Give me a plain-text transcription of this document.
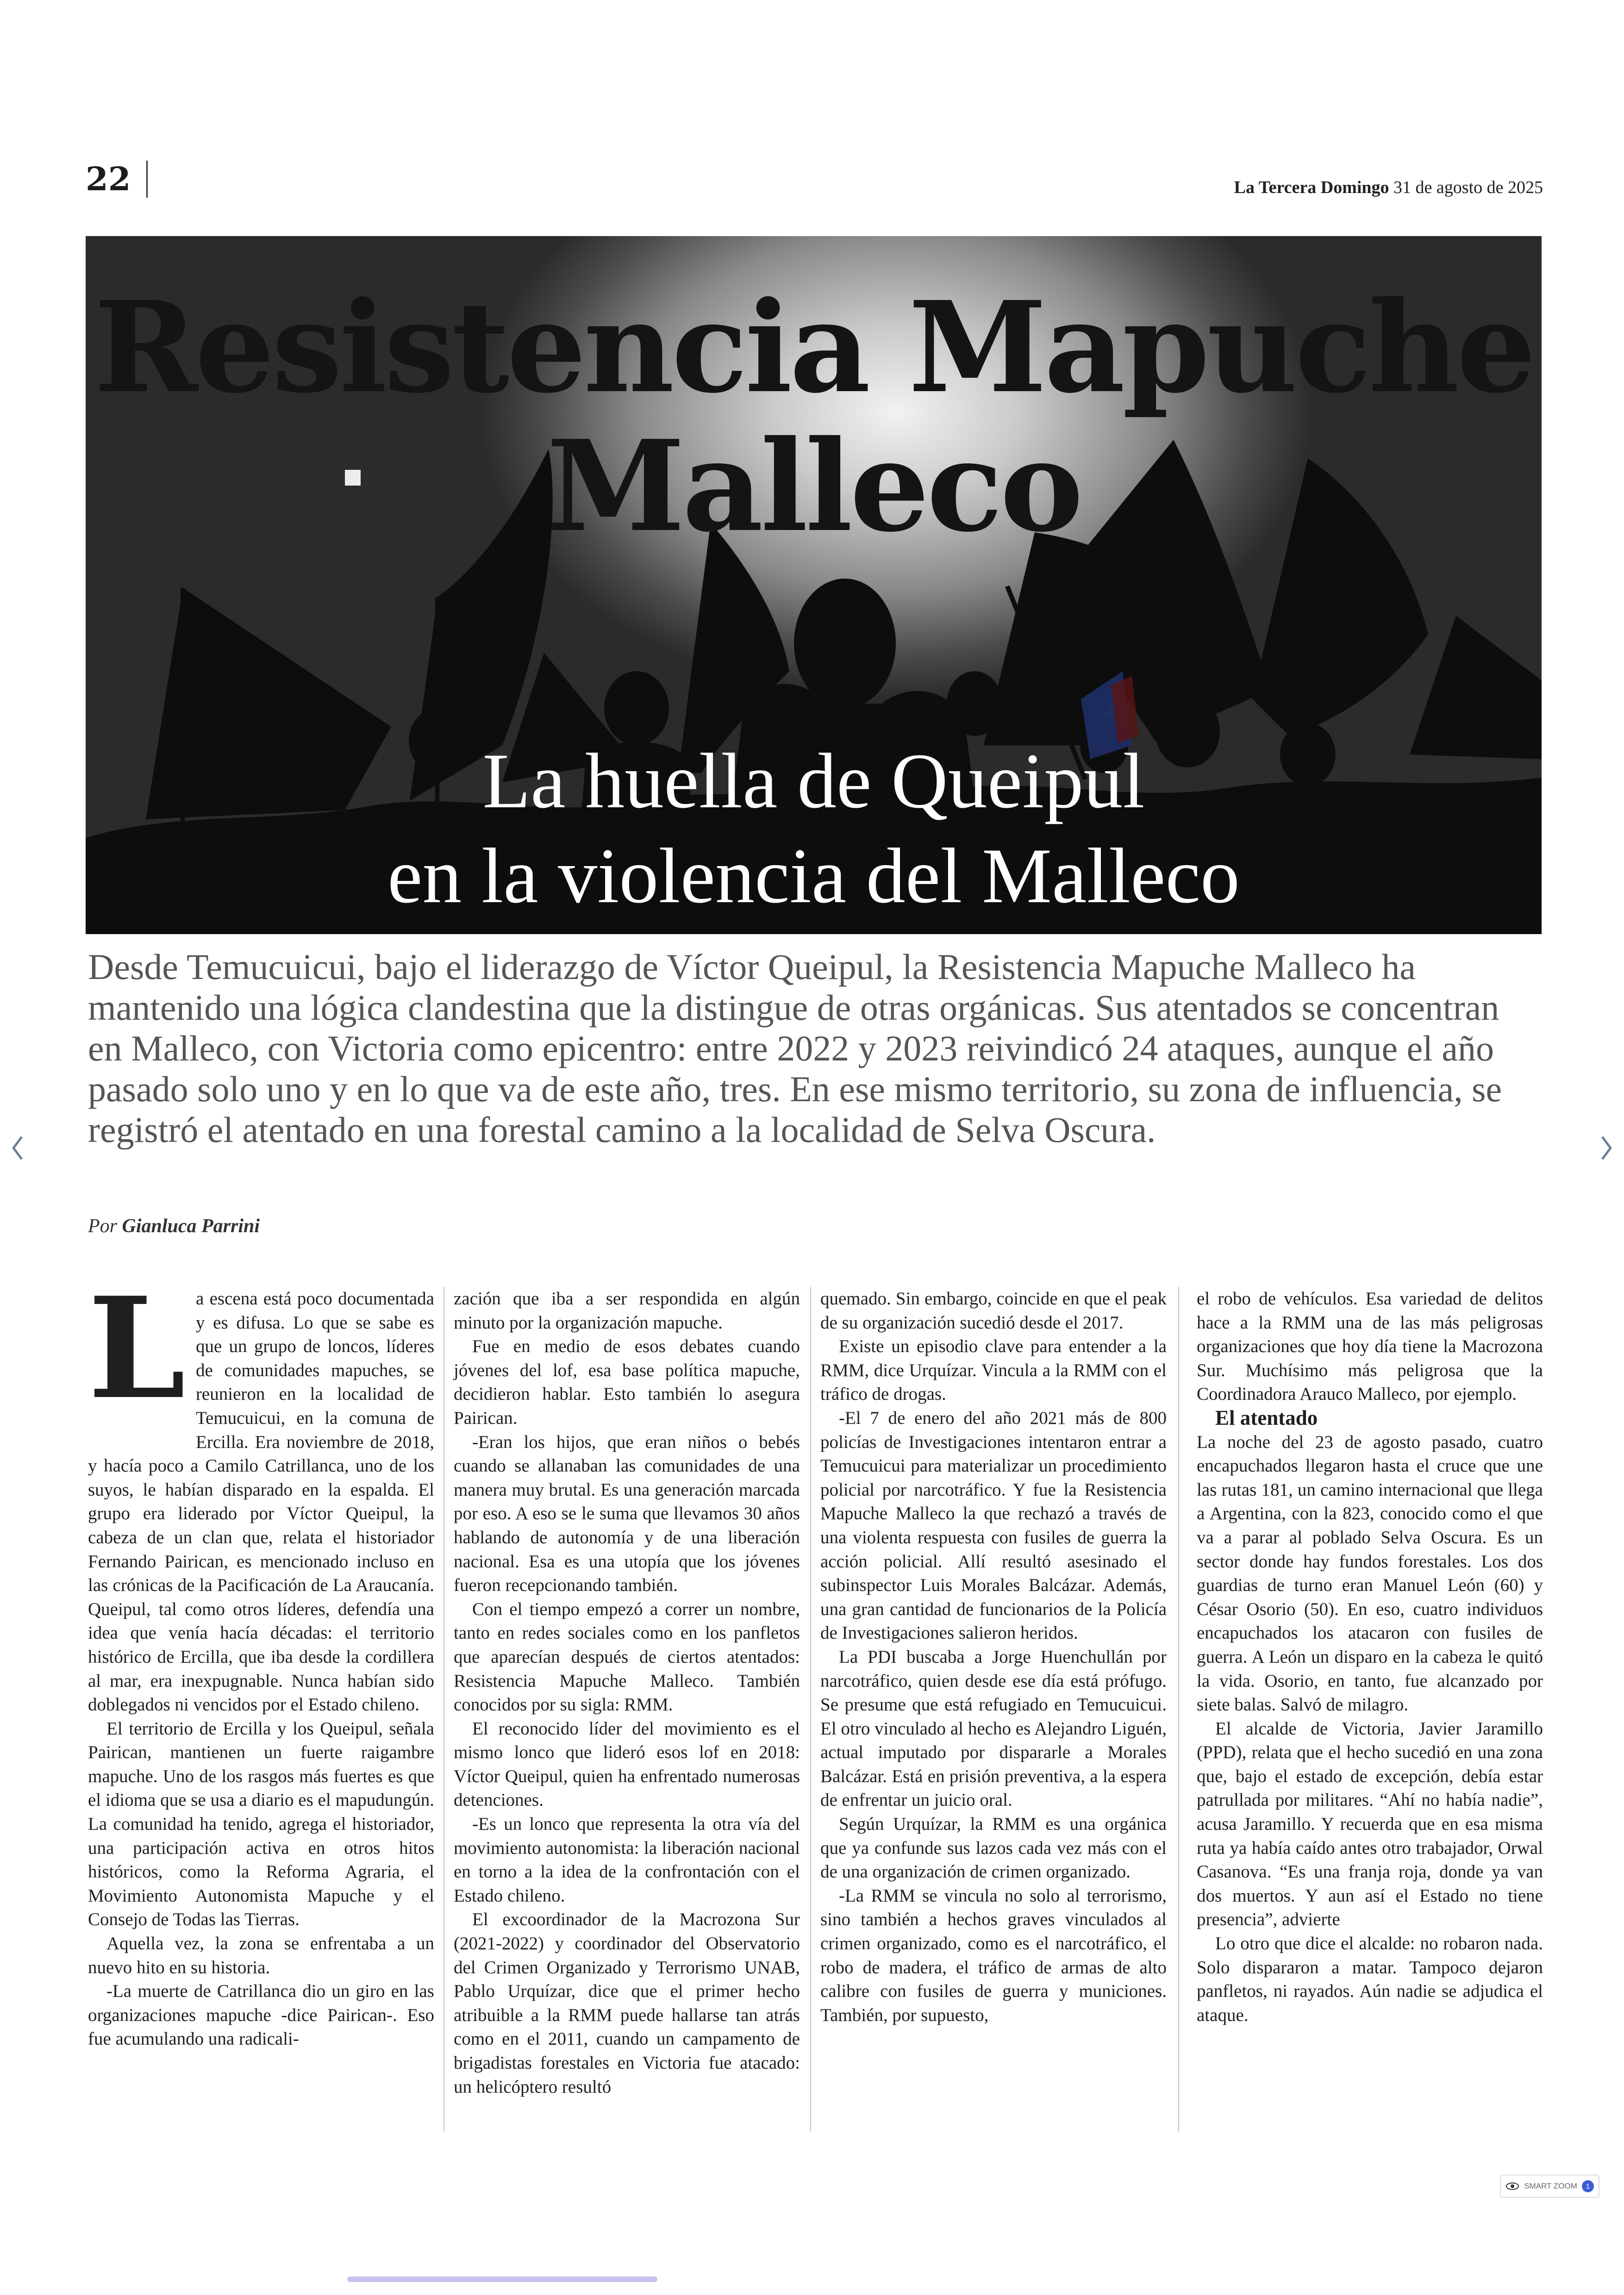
22	La Tercera Domingo 31 de agosto de 2025
Resistencia Mapuche
Malleco
La huella de Queipul
en la violencia del Malleco
Desde Temucuicui, bajo el liderazgo de Víctor Queipul, la Resistencia Mapuche Malleco ha mantenido una lógica clandestina que la distingue de otras orgánicas. Sus atentados se concentran en Malleco, con Victoria como epicentro: entre 2022 y 2023 reivindicó 24 ataques, aunque el año pasado solo uno y en lo que va de este año, tres. En ese mismo territorio, su zona de influencia, se registró el atentado en una forestal camino a la localidad de Selva Oscura.
Por Gianluca Parrini
L a escena está poco documentada y es difusa. Lo que se sabe es que un grupo de loncos, líderes de comunidades mapuches, se reunieron en la localidad de Temucuicui, en la comuna de Ercilla. Era noviembre de 2018, y hacía poco a Camilo Catrillanca, uno de los suyos, le habían disparado en la espalda. El grupo era liderado por Víctor Queipul, la cabeza de un clan que, relata el historiador Fernando Pairican, es mencionado incluso en las crónicas de la Pacificación de La Araucanía. Queipul, tal como otros líderes, defendía una idea que venía hacía décadas: el territorio histórico de Ercilla, que iba desde la cordillera al mar, era inexpugnable. Nunca habían sido doblegados ni vencidos por el Estado chileno.

El territorio de Ercilla y los Queipul, señala Pairican, mantienen un fuerte raigambre mapuche. Uno de los rasgos más fuertes es que el idioma que se usa a diario es el mapudungún. La comunidad ha tenido, agrega el historiador, una participación activa en otros hitos históricos, como la Reforma Agraria, el Movimiento Autonomista Mapuche y el Consejo de Todas las Tierras.

Aquella vez, la zona se enfrentaba a un nuevo hito en su historia.

-La muerte de Catrillanca dio un giro en las organizaciones mapuche -dice Pairican-. Eso fue acumulando una radicali-

zación que iba a ser respondida en algún minuto por la organización mapuche.

Fue en medio de esos debates cuando jóvenes del lof, esa base política mapuche, decidieron hablar. Esto también lo asegura Pairican.

-Eran los hijos, que eran niños o bebés cuando se allanaban las comunidades de una manera muy brutal. Es una generación marcada por eso. A eso se le suma que llevamos 30 años hablando de autonomía y de una liberación nacional. Esa es una utopía que los jóvenes fueron recepcionando también.

Con el tiempo empezó a correr un nombre, tanto en redes sociales como en los panfletos que aparecían después de ciertos atentados: Resistencia Mapuche Malleco. También conocidos por su sigla: RMM.

El reconocido líder del movimiento es el mismo lonco que lideró esos lof en 2018: Víctor Queipul, quien ha enfrentado numerosas detenciones.

-Es un lonco que representa la otra vía del movimiento autonomista: la liberación nacional en torno a la idea de la confrontación con el Estado chileno.

El excoordinador de la Macrozona Sur (2021-2022) y coordinador del Observatorio del Crimen Organizado y Terrorismo UNAB, Pablo Urquízar, dice que el primer hecho atribuible a la RMM puede hallarse tan atrás como en el 2011, cuando un campamento de brigadistas forestales en Victoria fue atacado: un helicóptero resultó

quemado. Sin embargo, coincide en que el peak de su organización sucedió desde el 2017.

Existe un episodio clave para entender a la RMM, dice Urquízar. Vincula a la RMM con el tráfico de drogas.

-El 7 de enero del año 2021 más de 800 policías de Investigaciones intentaron entrar a Temucuicui para materializar un procedimiento policial por narcotráfico. Y fue la Resistencia Mapuche Malleco la que rechazó a través de una violenta respuesta con fusiles de guerra la acción policial. Allí resultó asesinado el subinspector Luis Morales Balcázar. Además, una gran cantidad de funcionarios de la Policía de Investigaciones salieron heridos.

La PDI buscaba a Jorge Huenchullán por narcotráfico, quien desde ese día está prófugo. Se presume que está refugiado en Temucuicui. El otro vinculado al hecho es Alejandro Liguén, actual imputado por dispararle a Morales Balcázar. Está en prisión preventiva, a la espera de enfrentar un juicio oral.

Según Urquízar, la RMM es una orgánica que ya confunde sus lazos cada vez más con el de una organización de crimen organizado.

-La RMM se vincula no solo al terrorismo, sino también a hechos graves vinculados al crimen organizado, como es el narcotráfico, el robo de madera, el tráfico de armas de alto calibre con fusiles de guerra y municiones. También, por supuesto,

el robo de vehículos. Esa variedad de delitos hace a la RMM una de las más peligrosas organizaciones que hoy día tiene la Macrozona Sur. Muchísimo más peligrosa que la Coordinadora Arauco Malleco, por ejemplo.

El atentado

La noche del 23 de agosto pasado, cuatro encapuchados llegaron hasta el cruce que une las rutas 181, un camino internacional que llega a Argentina, con la 823, conocido como el que va a parar al poblado Selva Oscura. Es un sector donde hay fundos forestales. Los dos guardias de turno eran Manuel León (60) y César Osorio (50). En eso, cuatro individuos encapuchados los atacaron con fusiles de guerra. A León un disparo en la cabeza le quitó la vida. Osorio, en tanto, fue alcanzado por siete balas. Salvó de milagro.

El alcalde de Victoria, Javier Jaramillo (PPD), relata que el hecho sucedió en una zona que, bajo el estado de excepción, debía estar patrullada por militares. “Ahí no había nadie”, acusa Jaramillo. Y recuerda que en esa misma ruta ya había caído antes otro trabajador, Orwal Casanova. “Es una franja roja, donde ya van dos muertos. Y aun así el Estado no tiene presencia”, advierte

Lo otro que dice el alcalde: no robaron nada. Solo dispararon a matar. Tampoco dejaron panfletos, ni rayados. Aún nadie se adjudica el ataque.

SMART ZOOM	1
